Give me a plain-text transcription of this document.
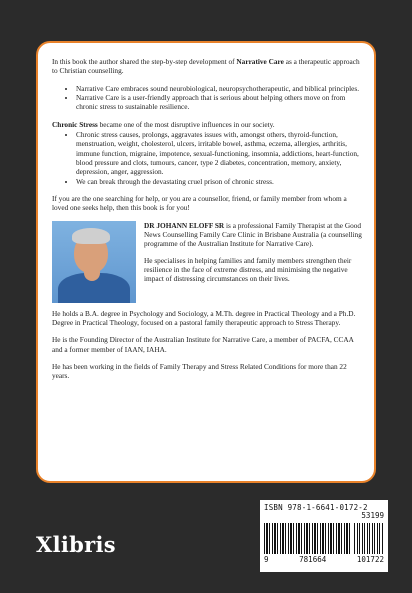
In this book the author shared the step-by-step development of Narrative Care as a therapeutic approach to Christian counselling.

• Narrative Care embraces sound neurobiological, neuropsychotherapeutic, and biblical principles.
• Narrative Care is a user-friendly approach that is serious about helping others move on from chronic stress to sustainable resilience.

Chronic Stress became one of the most disruptive influences in our society.

• Chronic stress causes, prolongs, aggravates issues with, amongst others, thyroid-function, menstruation, weight, cholesterol, ulcers, irritable bowel, asthma, eczema, allergies, arthritis, immune function, migraine, impotence, sexual-functioning, insomnia, addictions, heart-function, blood pressure and clots, tumours, cancer, type 2 diabetes, concentration, memory, anxiety, depression, anger, aggression.
• We can break through the devastating cruel prison of chronic stress.

If you are the one searching for help, or you are a counsellor, friend, or family member from whom a loved one seeks help, then this book is for you!

DR JOHANN ELOFF SR is a professional Family Therapist at the Good News Counselling Family Care Clinic in Brisbane Australia (a counselling programme of the Australian Institute for Narrative Care).

He specialises in helping families and family members strengthen their resilience in the face of extreme distress, and minimising the negative impact of distressing circumstances on their lives.

He holds a B.A. degree in Psychology and Sociology, a M.Th. degree in Practical Theology and a Ph.D. Degree in Practical Theology, focused on a pastoral family therapeutic approach to Stress Therapy.

He is the Founding Director of the Australian Institute for Narrative Care, a member of PACFA, CCAA and a former member of IAAN, IAHA.

He has been working in the fields of Family Therapy and Stress Related Conditions for more than 22 years.

Xlibris
ISBN 978-1-6641-0172-2
53199
9	781664	101722
